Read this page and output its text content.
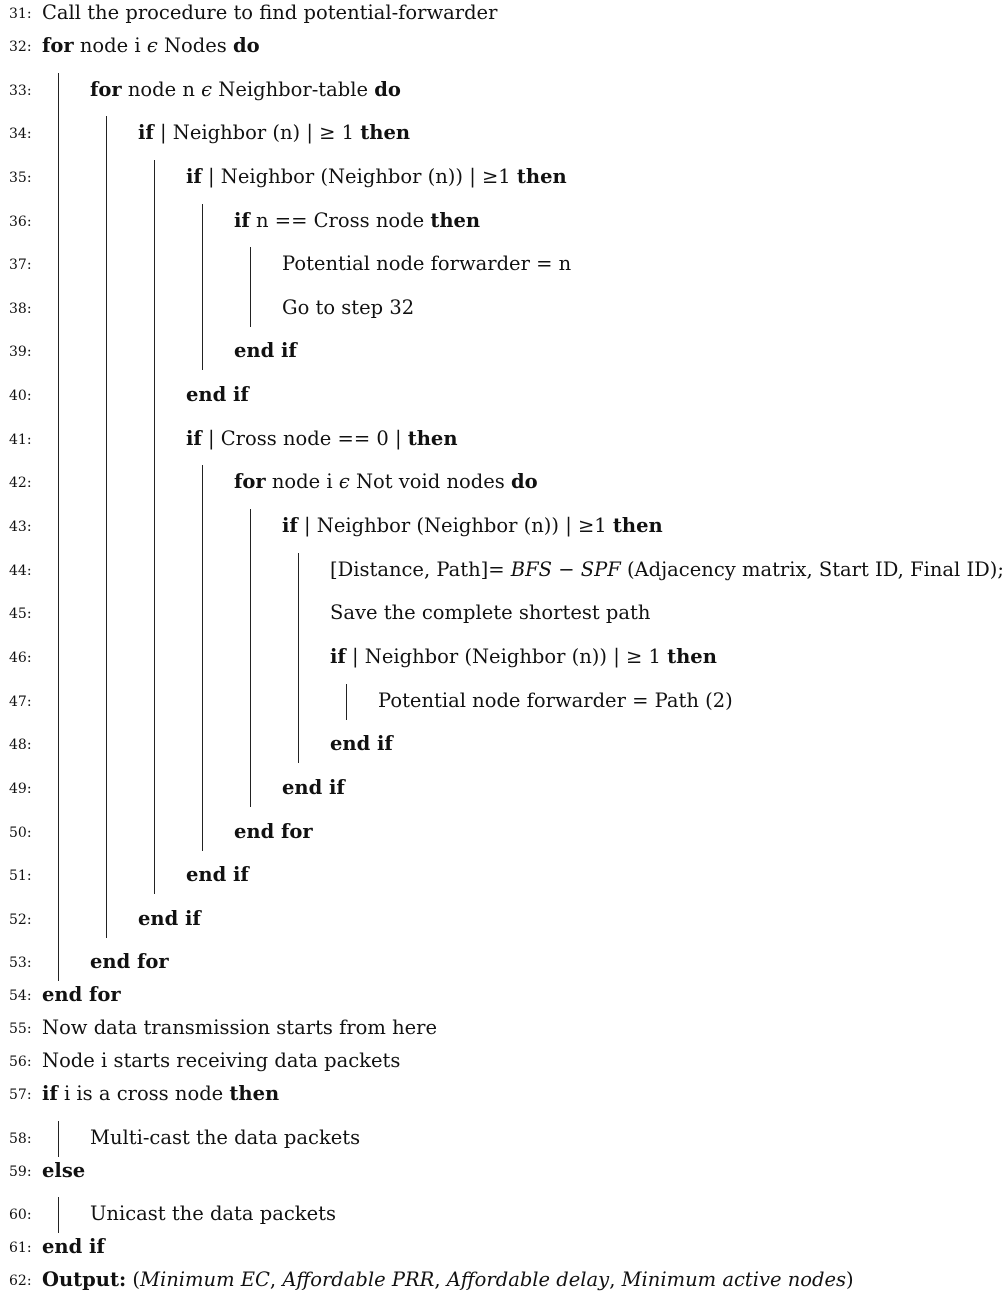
31: Call the procedure to find potential-forwarder
32: for node i ϵ Nodes do
33:	for node n ϵ Neighbor-table do
34:	if | Neighbor (n) | ≥ 1 then
35:	if | Neighbor (Neighbor (n)) | ≥1 then
36:	if n == Cross node then
37:	Potential node forwarder = n
38:	Go to step 32
39:	end if
40:	end if
41:	if | Cross node == 0 | then
42:	for node i ϵ Not void nodes do
43:	if | Neighbor (Neighbor (n)) | ≥1 then
44:	[Distance, Path]= BFS − SPF (Adjacency matrix, Start ID, Final ID);
45:	Save the complete shortest path
46:	if | Neighbor (Neighbor (n)) | ≥ 1 then
47:	Potential node forwarder = Path (2)
48:	end if
49:	end if
50:	end for
51:	end if
52:	end if
53:	end for
54: end for
55: Now data transmission starts from here
56: Node i starts receiving data packets
57: if i is a cross node then
58:	Multi-cast the data packets
59: else
60:	Unicast the data packets
61: end if
62: Output: (Minimum EC, Affordable PRR, Affordable delay, Minimum active nodes)
